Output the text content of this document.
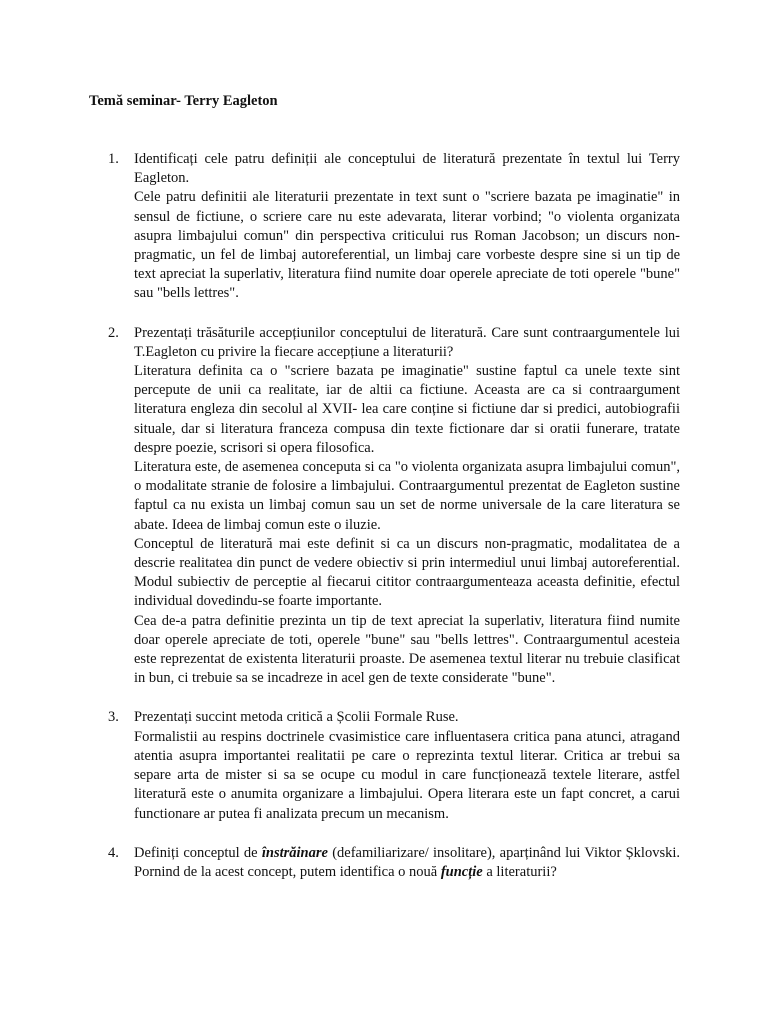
Temă seminar- Terry Eagleton
1. Identificați cele patru definiții ale conceptului de literatură prezentate în textul lui Terry Eagleton.

Cele patru definitii ale literaturii prezentate in text sunt o "scriere bazata pe imaginatie" in sensul de fictiune, o scriere care nu este adevarata, literar vorbind; "o violenta organizata asupra limbajului comun" din perspectiva criticului rus Roman Jacobson; un discurs non-pragmatic, un fel de limbaj autoreferential, un limbaj care vorbeste despre sine si un tip de text apreciat la superlativ, literatura fiind numite doar operele apreciate de toti operele "bune" sau "bells lettres".

2. Prezentați trăsăturile accepțiunilor conceptului de literatură. Care sunt contraargumentele lui T.Eagleton cu privire la fiecare accepțiune a literaturii?

Literatura definita ca o "scriere bazata pe imaginatie" sustine faptul ca unele texte sint percepute de unii ca realitate, iar de altii ca fictiune. Aceasta are ca si contraargument literatura engleza din secolul al XVII- lea care conține si fictiune dar si predici, autobiografii situale, dar si literatura franceza compusa din texte fictionare dar si oratii funerare, tratate despre poezie, scrisori si opera filosofica.

Literatura este, de asemenea conceputa si ca "o violenta organizata asupra limbajului comun", o modalitate stranie de folosire a limbajului. Contraargumentul prezentat de Eagleton sustine faptul ca nu exista un limbaj comun sau un set de norme universale de la care literatura se abate. Ideea de limbaj comun este o iluzie.

Conceptul de literatură mai este definit si ca un discurs non-pragmatic, modalitatea de a descrie realitatea din punct de vedere obiectiv si prin intermediul unui limbaj autoreferential. Modul subiectiv de perceptie al fiecarui cititor contraargumenteaza aceasta definitie, efectul individual dovedindu-se foarte importante.

Cea de-a patra definitie prezinta un tip de text apreciat la superlativ, literatura fiind numite doar operele apreciate de toti, operele "bune" sau "bells lettres". Contraargumentul acesteia este reprezentat de existenta literaturii proaste. De asemenea textul literar nu trebuie clasificat in bun, ci trebuie sa se incadreze in acel gen de texte considerate "bune".

3. Prezentați succint metoda critică a Școlii Formale Ruse.

Formalistii au respins doctrinele cvasimistice care influentasera critica pana atunci, atragand atentia asupra importantei realitatii pe care o reprezinta textul literar. Critica ar trebui sa separe arta de mister si sa se ocupe cu modul in care funcționează textele literare, astfel literatură este o anumita organizare a limbajului. Opera literara este un fapt concret, a carui functionare ar putea fi analizata precum un mecanism.

4. Definiți conceptul de înstrăinare (defamiliarizare/ insolitare), aparținând lui Viktor Șklovski. Pornind de la acest concept, putem identifica o nouă funcție a literaturii?
